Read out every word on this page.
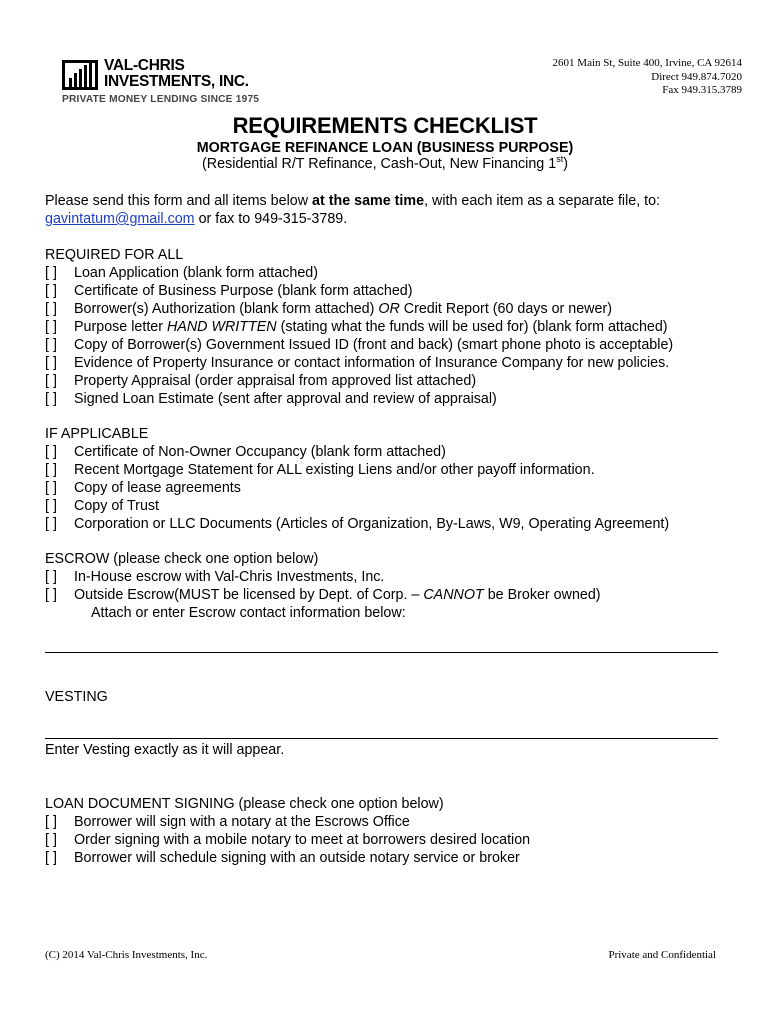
VAL-CHRIS
INVESTMENTS, INC.
PRIVATE MONEY LENDING SINCE 1975
2601 Main St, Suite 400, Irvine, CA 92614
Direct 949.874.7020
Fax 949.315.3789
REQUIREMENTS CHECKLIST
MORTGAGE REFINANCE LOAN (BUSINESS PURPOSE)
(Residential R/T Refinance, Cash-Out, New Financing 1st)
Please send this form and all items below at the same time, with each item as a separate file, to:
gavintatum@gmail.com or fax to 949-315-3789.
REQUIRED FOR ALL
[ ] Loan Application (blank form attached)
[ ] Certificate of Business Purpose (blank form attached)
[ ] Borrower(s) Authorization (blank form attached) OR Credit Report (60 days or newer)
[ ] Purpose letter HAND WRITTEN (stating what the funds will be used for) (blank form attached)
[ ] Copy of Borrower(s) Government Issued ID (front and back) (smart phone photo is acceptable)
[ ] Evidence of Property Insurance or contact information of Insurance Company for new policies.
[ ] Property Appraisal (order appraisal from approved list attached)
[ ] Signed Loan Estimate (sent after approval and review of appraisal)
IF APPLICABLE
[ ] Certificate of Non-Owner Occupancy (blank form attached)
[ ] Recent Mortgage Statement for ALL existing Liens and/or other payoff information.
[ ] Copy of lease agreements
[ ] Copy of Trust
[ ] Corporation or LLC Documents (Articles of Organization, By-Laws, W9, Operating Agreement)
ESCROW (please check one option below)
[ ] In-House escrow with Val-Chris Investments, Inc.
[ ] Outside Escrow(MUST be licensed by Dept. of Corp. – CANNOT be Broker owned)
Attach or enter Escrow contact information below:
VESTING
Enter Vesting exactly as it will appear.
LOAN DOCUMENT SIGNING (please check one option below)
[ ] Borrower will sign with a notary at the Escrows Office
[ ] Order signing with a mobile notary to meet at borrowers desired location
[ ] Borrower will schedule signing with an outside notary service or broker
(C) 2014 Val-Chris Investments, Inc.	Private and Confidential
